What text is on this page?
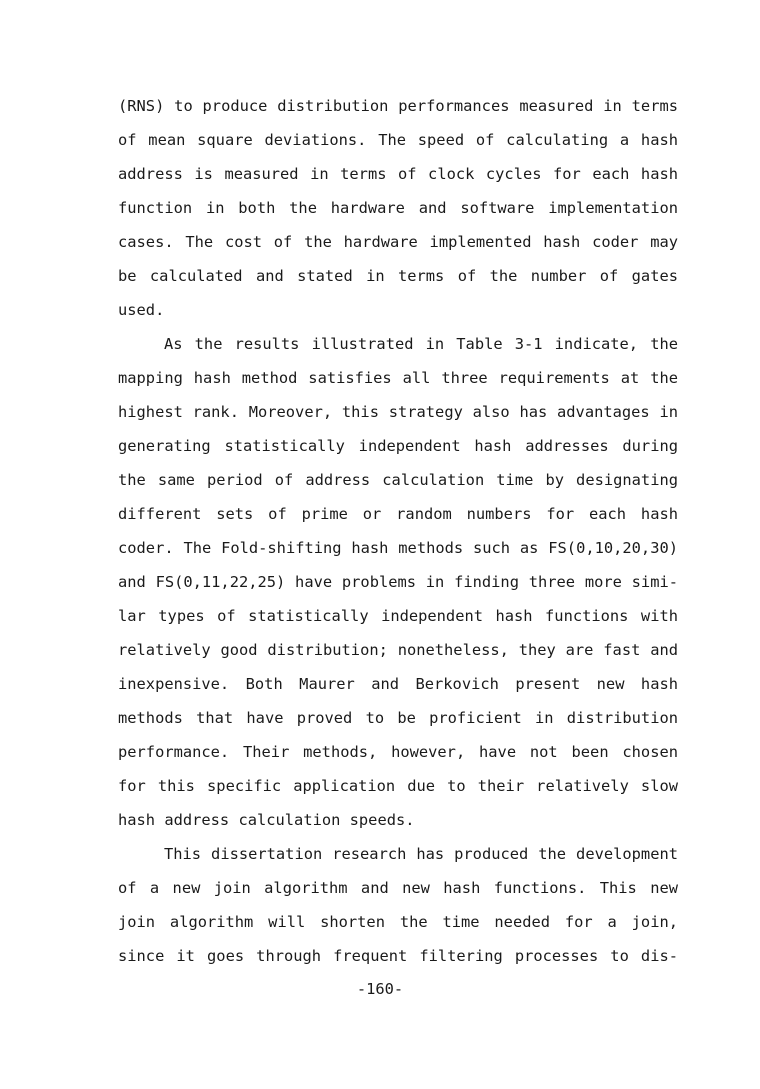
(RNS) to produce distribution performances measured in terms
of mean square deviations. The speed of calculating a hash
address is measured in terms of clock cycles for each hash
function in both the hardware and software implementation
cases. The cost of the hardware implemented hash coder may
be calculated and stated in terms of the number of gates
used.
As the results illustrated in Table 3-1 indicate, the
mapping hash method satisfies all three requirements at the
highest rank. Moreover, this strategy also has advantages in
generating statistically independent hash addresses during
the same period of address calculation time by designating
different sets of prime or random numbers for each hash
coder. The Fold-shifting hash methods such as FS(0,10,20,30)
and FS(0,11,22,25) have problems in finding three more simi-
lar types of statistically independent hash functions with
relatively good distribution; nonetheless, they are fast and
inexpensive. Both Maurer and Berkovich present new hash
methods that have proved to be proficient in distribution
performance. Their methods, however, have not been chosen
for this specific application due to their relatively slow
hash address calculation speeds.
This dissertation research has produced the development
of a new join algorithm and new hash functions. This new
join algorithm will shorten the time needed for a join,
since it goes through frequent filtering processes to dis-
-160-
